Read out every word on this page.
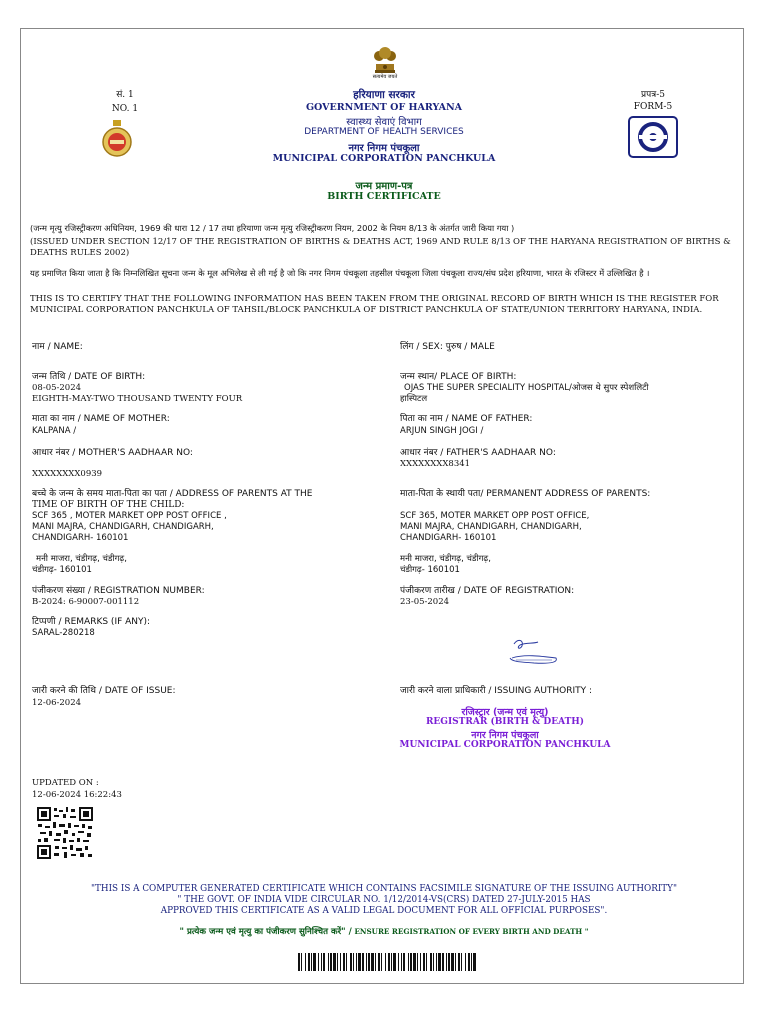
सत्यमेव जयते
सं. 1
NO. 1
प्रपत्र-5
FORM-5
हरियाणा सरकार
GOVERNMENT OF HARYANA
स्वास्थ्य सेवाएं विभाग
DEPARTMENT OF HEALTH SERVICES
नगर निगम पंचकूला
MUNICIPAL CORPORATION PANCHKULA
जन्म प्रमाण-पत्र
BIRTH CERTIFICATE
(जन्म मृत्यु रजिस्ट्रीकरण अधिनियम, 1969 की धारा 12 / 17 तथा हरियाणा जन्म मृत्यु रजिस्ट्रीकरण नियम, 2002 के नियम 8/13 के अंतर्गत जारी किया गया )
(ISSUED UNDER SECTION 12/17 OF THE REGISTRATION OF BIRTHS & DEATHS ACT, 1969 AND RULE 8/13 OF THE HARYANA REGISTRATION OF BIRTHS & DEATHS RULES 2002)
यह प्रमाणित किया जाता है कि निम्नलिखित सूचना जन्म के मूल अभिलेख से ली गई है जो कि नगर निगम पंचकूला तहसील पंचकूला जिला पंचकूला राज्य/संघ प्रदेश हरियाणा, भारत के रजिस्टर में उल्लिखित है ।
THIS IS TO CERTIFY THAT THE FOLLOWING INFORMATION HAS BEEN TAKEN FROM THE ORIGINAL RECORD OF BIRTH WHICH IS THE REGISTER FOR MUNICIPAL CORPORATION PANCHKULA OF TAHSIL/BLOCK PANCHKULA OF DISTRICT PANCHKULA OF STATE/UNION TERRITORY HARYANA, INDIA.
नाम / NAME:	लिंग / SEX: पुरुष / MALE
जन्म तिथि / DATE OF BIRTH:
08-05-2024
EIGHTH-MAY-TWO THOUSAND TWENTY FOUR
जन्म स्थान/ PLACE OF BIRTH:
OJAS THE SUPER SPECIALITY HOSPITAL/ओजस थे सुपर स्पेशलिटी
हास्पिटल
माता का नाम / NAME OF MOTHER:
KALPANA /
पिता का नाम / NAME OF FATHER:
ARJUN SINGH JOGI /
आधार नंबर / MOTHER'S AADHAAR NO:
XXXXXXXX0939
आधार नंबर / FATHER'S AADHAAR NO:
XXXXXXXX8341
बच्चे के जन्म के समय माता-पिता का पता / ADDRESS OF PARENTS AT THE
TIME OF BIRTH OF THE CHILD:
SCF 365 , MOTER MARKET OPP POST OFFICE ,
MANI MAJRA, CHANDIGARH, CHANDIGARH,
CHANDIGARH- 160101
मनी माजरा, चंडीगढ़, चंडीगढ़,
चंडीगढ़- 160101
माता-पिता के स्थायी पता/ PERMANENT ADDRESS OF PARENTS:
SCF 365, MOTER MARKET OPP POST OFFICE,
MANI MAJRA, CHANDIGARH, CHANDIGARH,
CHANDIGARH- 160101
मनी माजरा, चंडीगढ़, चंडीगढ़,
चंडीगढ़- 160101
पंजीकरण संख्या / REGISTRATION NUMBER:
B-2024: 6-90007-001112
पंजीकरण तारीख / DATE OF REGISTRATION:
23-05-2024
टिप्पणी / REMARKS (IF ANY):
SARAL-280218
जारी करने की तिथि / DATE OF ISSUE:
12-06-2024
जारी करने वाला प्राधिकारी / ISSUING AUTHORITY :
रजिस्ट्रार (जन्म एवं मृत्यु)
REGISTRAR (BIRTH & DEATH)
नगर निगम पंचकूला
MUNICIPAL CORPORATION PANCHKULA
UPDATED ON :
12-06-2024 16:22:43
"THIS IS A COMPUTER GENERATED CERTIFICATE WHICH CONTAINS FACSIMILE SIGNATURE OF THE ISSUING AUTHORITY"
" THE GOVT. OF INDIA VIDE CIRCULAR NO. 1/12/2014-VS(CRS) DATED 27-JULY-2015 HAS
APPROVED THIS CERTIFICATE AS A VALID LEGAL DOCUMENT FOR ALL OFFICIAL PURPOSES".
" प्रत्येक जन्म एवं मृत्यु का पंजीकरण सुनिश्चित करें" / ENSURE REGISTRATION OF EVERY BIRTH AND DEATH "
